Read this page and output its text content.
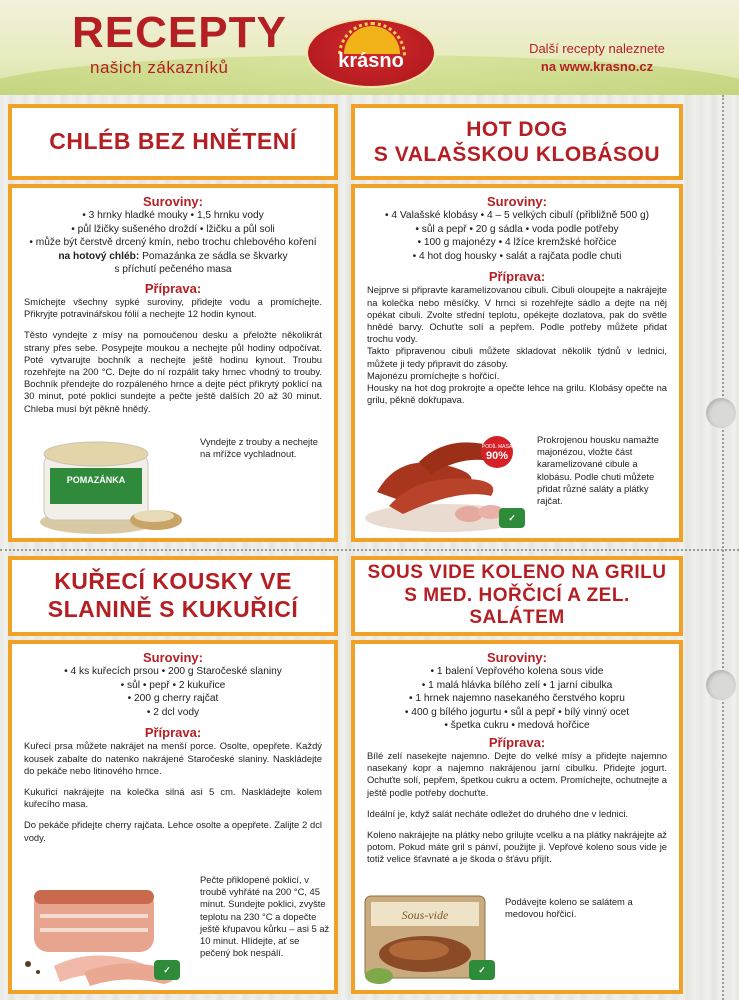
RECEPTY
našich zákazníků	krásno
Další recepty naleznete
na www.krasno.cz
CHLÉB BEZ HNĚTENÍ
Suroviny:
• 3 hrnky hladké mouky • 1,5 hrnku vody
• půl lžičky sušeného droždí • lžičku a půl soli
• může být čerstvě drcený kmín, nebo trochu chlebového koření
na hotový chléb: Pomazánka ze sádla se škvarky
s příchutí pečeného masa
Příprava:

Smíchejte všechny sypké suroviny, přidejte vodu a promíchejte. Přikryjte potravinářskou fólií a nechejte 12 hodin kynout.

Těsto vyndejte z mísy na pomoučenou desku a přeložte několikrát strany přes sebe. Posypejte moukou a nechejte půl hodiny odpočívat. Poté vytvarujte bochník a nechejte ještě hodinu kynout. Troubu rozehřejte na 200 °C. Dejte do ní rozpálit taky hrnec vhodný to trouby. Bochník přendejte do rozpáleného hrnce a dejte péct přikrytý poklicí na 30 minut, poté poklici sundejte a pečte ještě dalších 20 až 30 minut. Chleba musí být pěkně hnědý.

POMAZÁNKA
Vyndejte z trouby a nechejte na mřížce vychladnout.
HOT DOG
S VALAŠSKOU KLOBÁSOU
Suroviny:
• 4 Valašské klobásy • 4 – 5 velkých cibulí (přibližně 500 g)
• sůl a pepř • 20 g sádla • voda podle potřeby
• 100 g majonézy • 4 lžíce kremžské hořčice
• 4 hot dog housky • salát a rajčata podle chuti
Příprava:

Nejprve si připravte karamelizovanou cibuli. Cibuli oloupejte a nakrájejte na kolečka nebo měsíčky. V hrnci si rozehřejte sádlo a dejte na něj opékat cibuli. Zvolte střední teplotu, opékejte dozlatova, pak do světle hnědé barvy. Ochuťte solí a pepřem. Podle potřeby můžete přidat trochu vody.

Takto připravenou cibuli můžete skladovat několik týdnů v lednici, můžete ji tedy připravit do zásoby.

Majonézu promíchejte s hořčicí.

Housky na hot dog prokrojte a opečte lehce na grilu. Klobásy opečte na grilu, pěkně dokřupava.

PODÍL MASA
90%
Prokrojenou housku namažte majonézou, vložte část karamelizované cibule a klobásu. Podle chuti můžete přidat různé saláty a plátky rajčat.
✓
KUŘECÍ KOUSKY VE
SLANINĚ S KUKUŘICÍ
Suroviny:
• 4 ks kuřecích prsou • 200 g Staročeské slaniny
• sůl • pepř • 2 kukuřice
• 200 g cherry rajčat
• 2 dcl vody
Příprava:

Kuřecí prsa můžete nakrájet na menší porce. Osolte, opepřete. Každý kousek zabalte do natenko nakrájené Staročeské slaniny. Naskládejte do pekáče nebo litinového hrnce.

Kukuřici nakrájejte na kolečka silná asi 5 cm. Naskládejte kolem kuřecího masa.

Do pekáče přidejte cherry rajčata. Lehce osolte a opepřete. Zalijte 2 dcl vody.

Pečte přiklopené poklicí, v troubě vyhřáté na 200 °C, 45 minut. Sundejte poklici, zvyšte teplotu na 230 °C a dopečte ještě křupavou kůrku – asi 5 až 10 minut. Hlídejte, ať se pečený bok nespálí.
✓
SOUS VIDE KOLENO NA GRILU
S MED. HOŘČICÍ A ZEL. SALÁTEM
Suroviny:
• 1 balení Vepřového kolena sous vide
• 1 malá hlávka bílého zelí • 1 jarní cibulka
• 1 hrnek najemno nasekaného čerstvého kopru
• 400 g bílého jogurtu • sůl a pepř • bílý vinný ocet
• špetka cukru • medová hořčice
Příprava:

Bílé zelí nasekejte najemno. Dejte do velké mísy a přidejte najemno nasekaný kopr a najemno nakrájenou jarní cibulku. Přidejte jogurt. Ochuťte solí, pepřem, špetkou cukru a octem. Promíchejte, ochutnejte a ještě podle potřeby dochuťte.

Ideální je, když salát necháte odležet do druhého dne v lednici.

Koleno nakrájejte na plátky nebo grilujte vcelku a na plátky nakrájejte až potom. Pokud máte gril s pánví, použijte ji. Vepřové koleno sous vide je totiž velice šťavnaté a je škoda o šťávu přijít.

Sous-vide
Podávejte koleno se salátem a medovou hořčicí.
✓
